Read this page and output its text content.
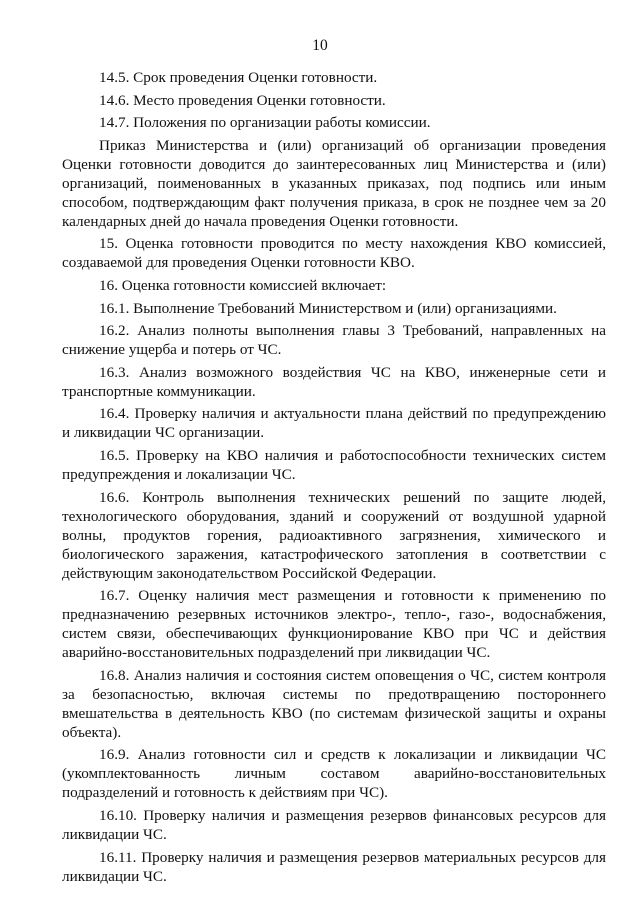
10

14.5. Срок проведения Оценки готовности.

14.6. Место проведения Оценки готовности.

14.7. Положения по организации работы комиссии.

Приказ Министерства и (или) организаций об организации проведения Оценки готовности доводится до заинтересованных лиц Министерства и (или) организаций, поименованных в указанных приказах, под подпись или иным способом, подтверждающим факт получения приказа, в срок не позднее чем за 20 календарных дней до начала проведения Оценки готовности.

15. Оценка готовности проводится по месту нахождения КВО комиссией, создаваемой для проведения Оценки готовности КВО.

16. Оценка готовности комиссией включает:

16.1. Выполнение Требований Министерством и (или) организациями.

16.2. Анализ полноты выполнения главы 3 Требований, направленных на снижение ущерба и потерь от ЧС.

16.3. Анализ возможного воздействия ЧС на КВО, инженерные сети и транспортные коммуникации.

16.4. Проверку наличия и актуальности плана действий по предупреждению и ликвидации ЧС организации.

16.5. Проверку на КВО наличия и работоспособности технических систем предупреждения и локализации ЧС.

16.6. Контроль выполнения технических решений по защите людей, технологического оборудования, зданий и сооружений от воздушной ударной волны, продуктов горения, радиоактивного загрязнения, химического и биологического заражения, катастрофического затопления в соответствии с действующим законодательством Российской Федерации.

16.7. Оценку наличия мест размещения и готовности к применению по предназначению резервных источников электро-, тепло-, газо-, водоснабжения, систем связи, обеспечивающих функционирование КВО при ЧС и действия аварийно-восстановительных подразделений при ликвидации ЧС.

16.8. Анализ наличия и состояния систем оповещения о ЧС, систем контроля за безопасностью, включая системы по предотвращению постороннего вмешательства в деятельность КВО (по системам физической защиты и охраны объекта).

16.9. Анализ готовности сил и средств к локализации и ликвидации ЧС (укомплектованность личным составом аварийно-восстановительных подразделений и готовность к действиям при ЧС).

16.10. Проверку наличия и размещения резервов финансовых ресурсов для ликвидации ЧС.

16.11. Проверку наличия и размещения резервов материальных ресурсов для ликвидации ЧС.
